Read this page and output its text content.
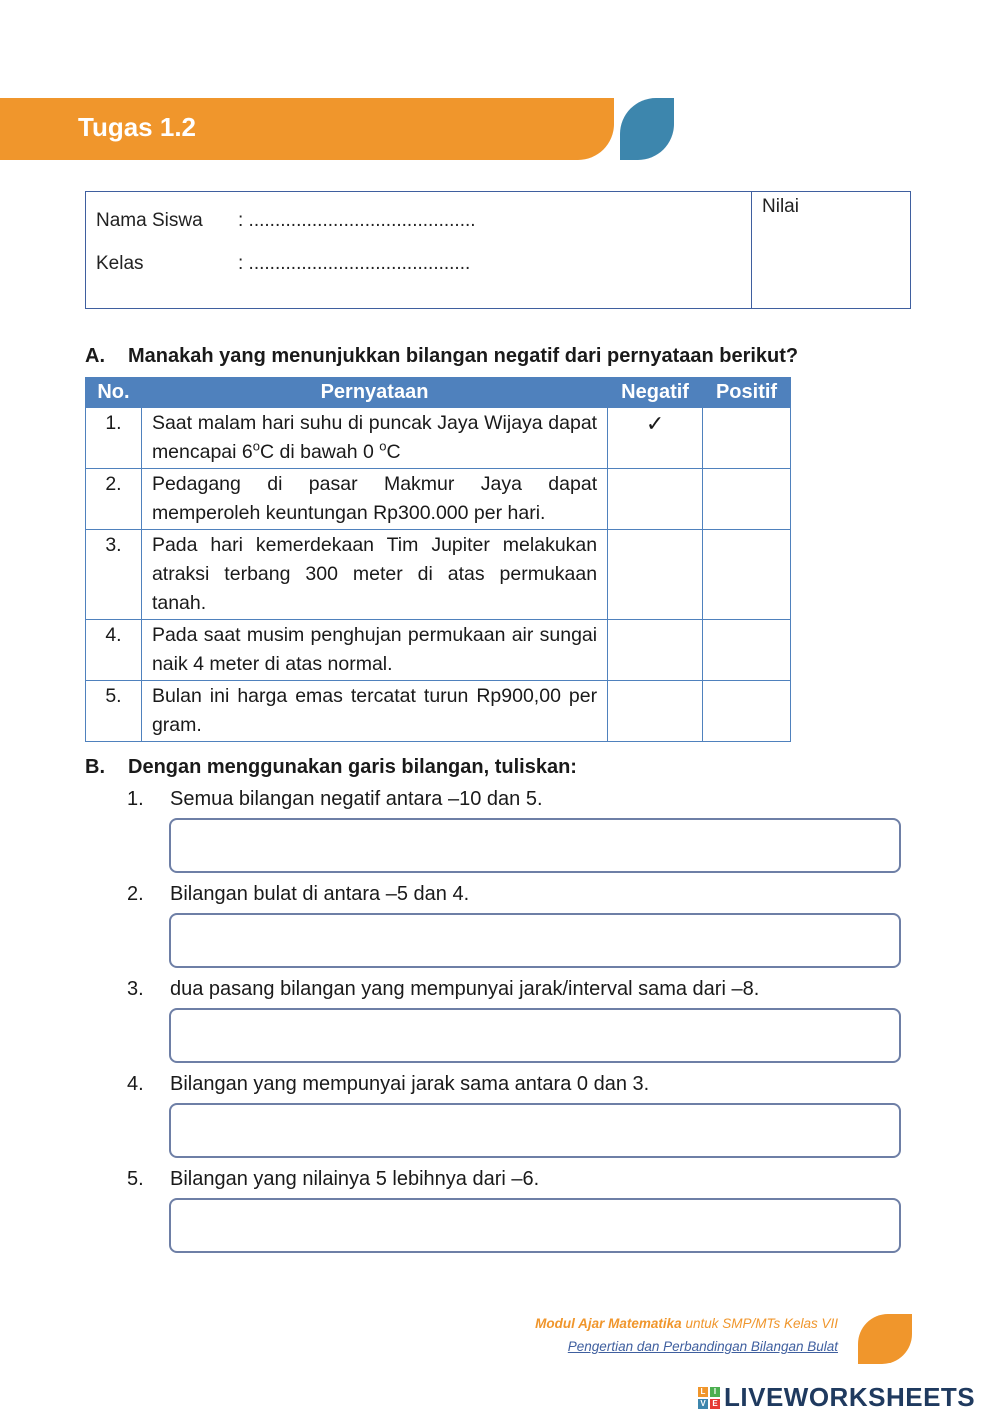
Tugas 1.2
Nama Siswa : ...........................................
Kelas	: ..........................................
Nilai
A. Manakah yang menunjukkan bilangan negatif dari pernyataan berikut?
No.	Pernyataan	Negatif	Positif
1.	Saat malam hari suhu di puncak Jaya Wijaya dapat mencapai 6$^o$C di bawah 0 $^o$C	✓	
2.	Pedagang di pasar Makmur Jaya dapat memperoleh keuntungan Rp300.000 per hari.		
3.	Pada hari kemerdekaan Tim Jupiter melakukan atraksi terbang 300 meter di atas permukaan tanah.		
4.	Pada saat musim penghujan permukaan air sungai naik 4 meter di atas normal.		
5.	Bulan ini harga emas tercatat turun Rp900,00 per gram.		
B. Dengan menggunakan garis bilangan, tuliskan:
1. Semua bilangan negatif antara –10 dan 5.
2. Bilangan bulat di antara –5 dan 4.
3. dua pasang bilangan yang mempunyai jarak/interval sama dari –8.
4. Bilangan yang mempunyai jarak sama antara 0 dan 3.
5. Bilangan yang nilainya 5 lebihnya dari –6.
Modul Ajar Matematika untuk SMP/MTs Kelas VII
Pengertian dan Perbandingan Bilangan Bulat
L	I
V E LIVEWORKSHEETS
